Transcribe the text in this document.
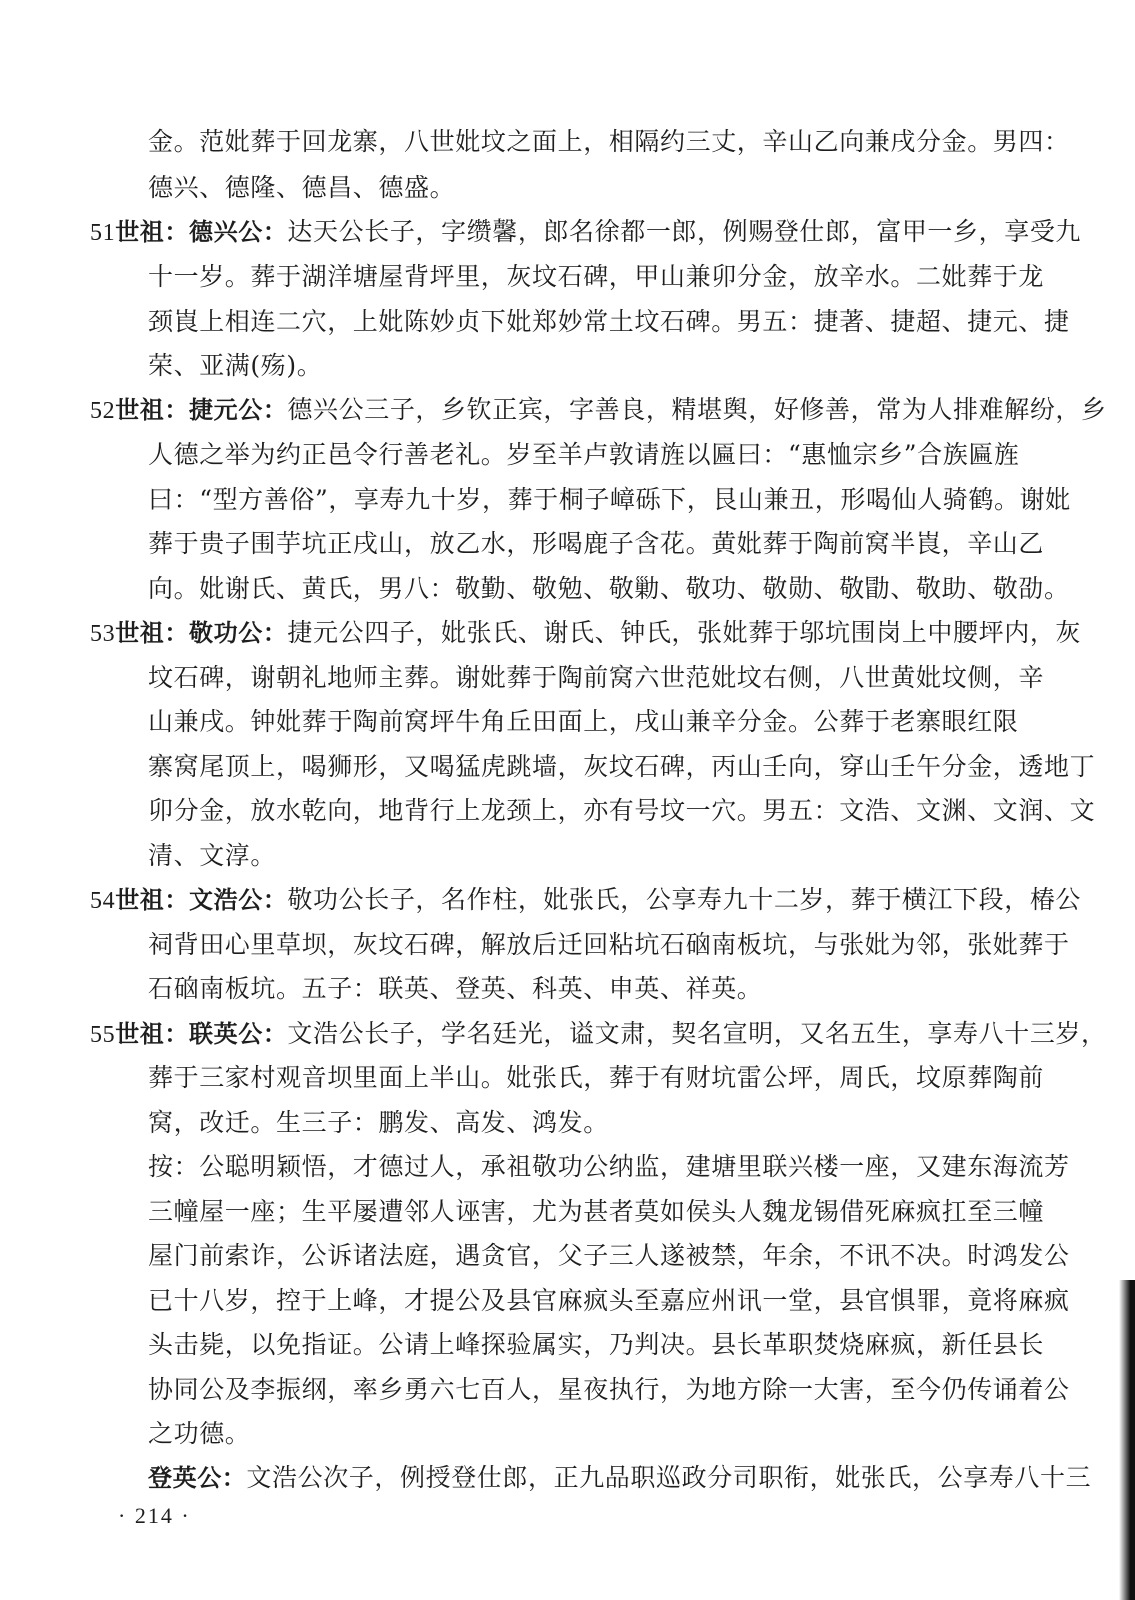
金。范妣葬于回龙寨，八世妣坟之面上，相隔约三丈，辛山乙向兼戌分金。男四：
德兴、德隆、德昌、德盛。
51世祖：德兴公：达天公长子，字缵馨，郎名徐都一郎，例赐登仕郎，富甲一乡，享受九
十一岁。葬于湖洋塘屋背坪里，灰坟石碑，甲山兼卯分金，放辛水。二妣葬于龙
颈崀上相连二穴，上妣陈妙贞下妣郑妙常土坟石碑。男五：捷著、捷超、捷元、捷
荣、亚满(殇)。
52世祖：捷元公：德兴公三子，乡钦正宾，字善良，精堪舆，好修善，常为人排难解纷，乡
人德之举为约正邑令行善老礼。岁至羊卢敦请旌以匾曰：“惠恤宗乡”合族匾旌
曰：“型方善俗”，享寿九十岁，葬于桐子嶂砾下，艮山兼丑，形喝仙人骑鹤。谢妣
葬于贵子围芋坑正戌山，放乙水，形喝鹿子含花。黄妣葬于陶前窝半崀，辛山乙
向。妣谢氏、黄氏，男八：敬勤、敬勉、敬勦、敬功、敬勋、敬勖、敬助、敬劭。
53世祖：敬功公：捷元公四子，妣张氏、谢氏、钟氏，张妣葬于邬坑围岗上中腰坪内，灰
坟石碑，谢朝礼地师主葬。谢妣葬于陶前窝六世范妣坟右侧，八世黄妣坟侧，辛
山兼戌。钟妣葬于陶前窝坪牛角丘田面上，戌山兼辛分金。公葬于老寨眼红限
寨窝尾顶上，喝狮形，又喝猛虎跳墙，灰坟石碑，丙山壬向，穿山壬午分金，透地丁
卯分金，放水乾向，地背行上龙颈上，亦有号坟一穴。男五：文浩、文渊、文润、文
清、文淳。
54世祖：文浩公：敬功公长子，名作柱，妣张氏，公享寿九十二岁，葬于横江下段，椿公
祠背田心里草坝，灰坟石碑，解放后迁回粘坑石硇南板坑，与张妣为邻，张妣葬于
石硇南板坑。五子：联英、登英、科英、申英、祥英。
55世祖：联英公：文浩公长子，学名廷光，谥文肃，契名宣明，又名五生，享寿八十三岁，
葬于三家村观音坝里面上半山。妣张氏，葬于有财坑雷公坪，周氏，坟原葬陶前
窝，改迁。生三子：鹏发、高发、鸿发。
按：公聪明颖悟，才德过人，承祖敬功公纳监，建塘里联兴楼一座，又建东海流芳
三幢屋一座；生平屡遭邻人诬害，尤为甚者莫如侯头人魏龙锡借死麻疯扛至三幢
屋门前索诈，公诉诸法庭，遇贪官，父子三人遂被禁，年余，不讯不决。时鸿发公
已十八岁，控于上峰，才提公及县官麻疯头至嘉应州讯一堂，县官惧罪，竟将麻疯
头击毙，以免指证。公请上峰探验属实，乃判决。县长革职焚烧麻疯，新任县长
协同公及李振纲，率乡勇六七百人，星夜执行，为地方除一大害，至今仍传诵着公
之功德。
登英公：文浩公次子，例授登仕郎，正九品职巡政分司职衔，妣张氏，公享寿八十三
· 214 ·
